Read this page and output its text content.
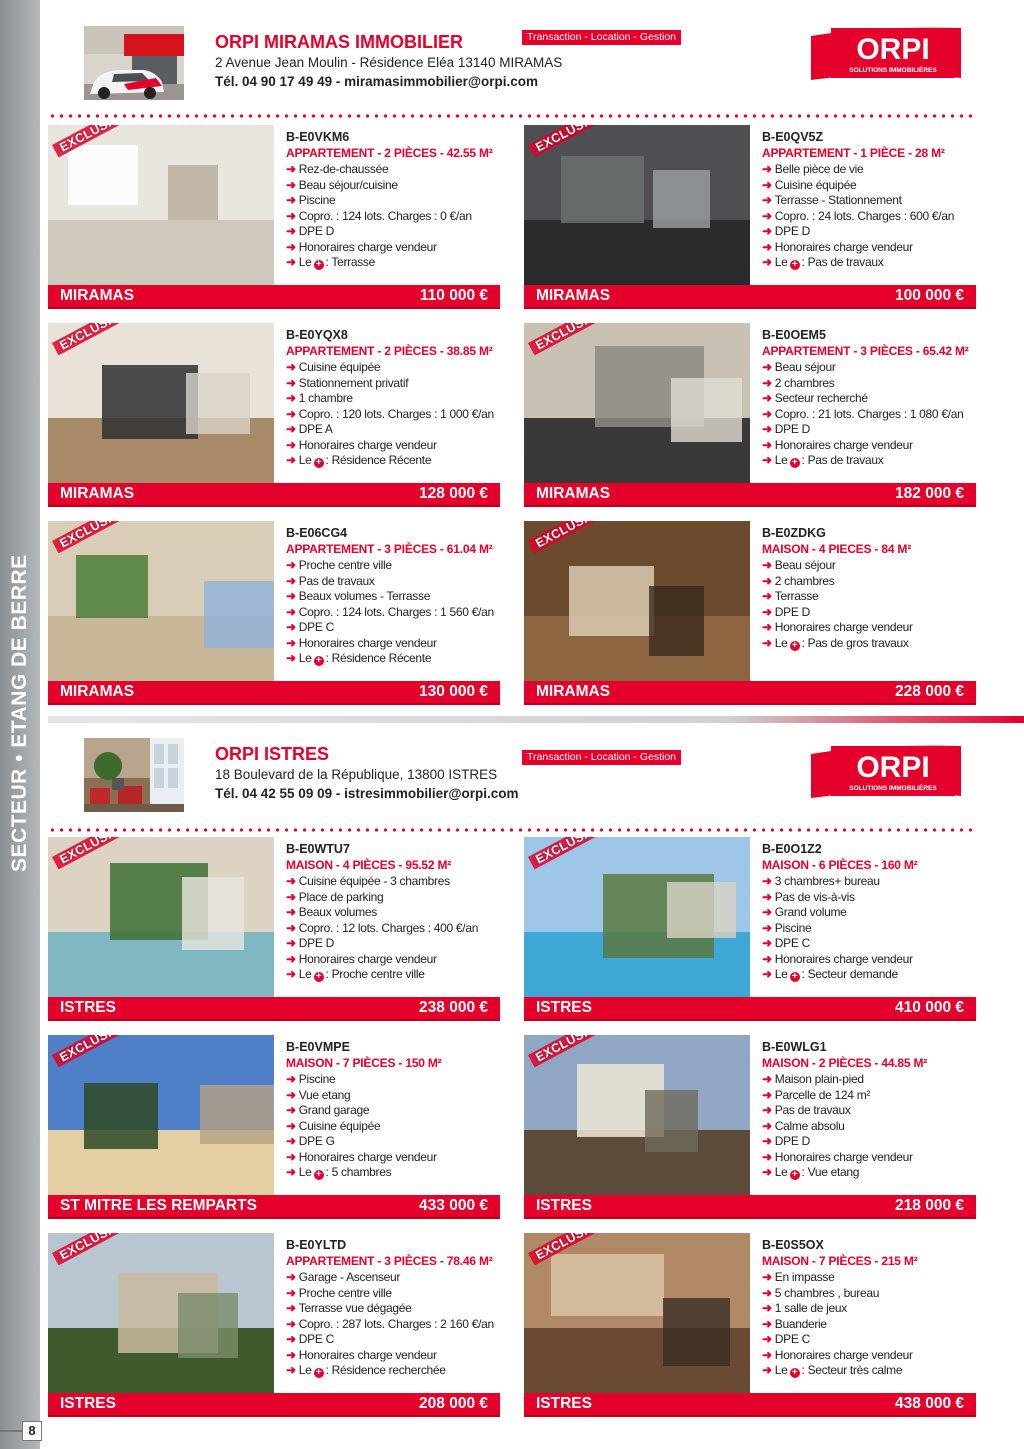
SECTEUR • ETANG DE BERRE
8
ORPI MIRAMAS IMMOBILIER
2 Avenue Jean Moulin - Résidence Eléa 13140 MIRAMAS
Tél. 04 90 17 49 49 - miramasimmobilier@orpi.com
Transaction - Location - Gestion	ORPI
SOLUTIONS IMMOBILIÈRES
ORPI ISTRES
18 Boulevard de la République, 13800 ISTRES
Tél. 04 42 55 09 09 - istresimmobilier@orpi.com
Transaction - Location - Gestion	ORPI
SOLUTIONS IMMOBILIÈRES
B-E0VKM6
APPARTEMENT - 2 PIÈCES - 42.55 M²
➜ Rez-de-chaussée
➜ Beau séjour/cuisine
➜ Piscine
➜ Copro. : 124 lots. Charges : 0 €/an
➜ DPE D
➜ Honoraires charge vendeur
➜ Le + : Terrasse
MIRAMAS	110 000 €
B-E0QV5Z
APPARTEMENT - 1 PIÈCE - 28 M²
➜ Belle pièce de vie
➜ Cuisine équipée
➜ Terrasse - Stationnement
➜ Copro. : 24 lots. Charges : 600 €/an
➜ DPE D
➜ Honoraires charge vendeur
➜ Le + : Pas de travaux
MIRAMAS	100 000 €
B-E0YQX8
APPARTEMENT - 2 PIÈCES - 38.85 M²
➜ Cuisine équipée
➜ Stationnement privatif
➜ 1 chambre
➜ Copro. : 120 lots. Charges : 1 000 €/an
➜ DPE A
➜ Honoraires charge vendeur
➜ Le + : Résidence Récente
MIRAMAS	128 000 €
B-E0OEM5
APPARTEMENT - 3 PIÈCES - 65.42 M²
➜ Beau séjour
➜ 2 chambres
➜ Secteur recherché
➜ Copro. : 21 lots. Charges : 1 080 €/an
➜ DPE D
➜ Honoraires charge vendeur
➜ Le + : Pas de travaux
MIRAMAS	182 000 €
B-E06CG4
APPARTEMENT - 3 PIÈCES - 61.04 M²
➜ Proche centre ville
➜ Pas de travaux
➜ Beaux volumes - Terrasse
➜ Copro. : 124 lots. Charges : 1 560 €/an
➜ DPE C
➜ Honoraires charge vendeur
➜ Le + : Résidence Récente
MIRAMAS	130 000 €
B-E0ZDKG
MAISON - 4 PIECES - 84 M²
➜ Beau séjour
➜ 2 chambres
➜ Terrasse
➜ DPE D
➜ Honoraires charge vendeur
➜ Le + : Pas de gros travaux
MIRAMAS	228 000 €
B-E0WTU7
MAISON - 4 PIÈCES - 95.52 M²
➜ Cuisine équipée - 3 chambres
➜ Place de parking
➜ Beaux volumes
➜ Copro. : 12 lots. Charges : 400 €/an
➜ DPE D
➜ Honoraires charge vendeur
➜ Le + : Proche centre ville
ISTRES	238 000 €
B-E0O1Z2
MAISON - 6 PIÈCES - 160 M²
➜ 3 chambres+ bureau
➜ Pas de vis-à-vis
➜ Grand volume
➜ Piscine
➜ DPE C
➜ Honoraires charge vendeur
➜ Le + : Secteur demande
ISTRES	410 000 €
B-E0VMPE
MAISON - 7 PIÈCES - 150 M²
➜ Piscine
➜ Vue etang
➜ Grand garage
➜ Cuisine équipée
➜ DPE G
➜ Honoraires charge vendeur
➜ Le + : 5 chambres
ST MITRE LES REMPARTS	433 000 €
B-E0WLG1
MAISON - 2 PIÈCES - 44.85 M²
➜ Maison plain-pied
➜ Parcelle de 124 m²
➜ Pas de travaux
➜ Calme absolu
➜ DPE D
➜ Honoraires charge vendeur
➜ Le + : Vue etang
ISTRES	218 000 €
B-E0YLTD
APPARTEMENT - 3 PIÈCES - 78.46 M²
➜ Garage - Ascenseur
➜ Proche centre ville
➜ Terrasse vue dégagée
➜ Copro. : 287 lots. Charges : 2 160 €/an
➜ DPE C
➜ Honoraires charge vendeur
➜ Le + : Résidence recherchée
ISTRES	208 000 €
B-E0S5OX
MAISON - 7 PIÈCES - 215 M²
➜ En impasse
➜ 5 chambres , bureau
➜ 1 salle de jeux
➜ Buanderie
➜ DPE C
➜ Honoraires charge vendeur
➜ Le + : Secteur très calme
ISTRES	438 000 €
